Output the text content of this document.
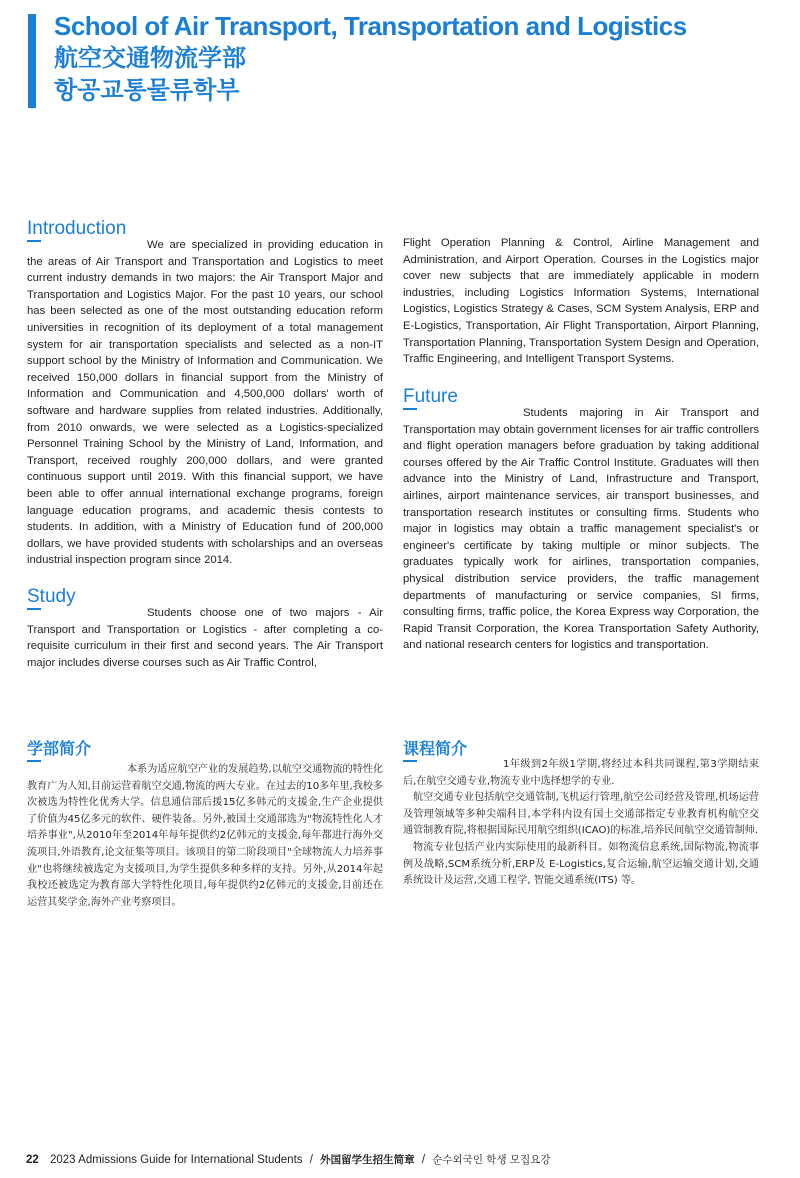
School of Air Transport, Transportation and Logistics

航空交通物流学部

항공교통물류학부

Introduction

We are specialized in providing education in the areas of Air Transport and Transportation and Logistics to meet current industry demands in two majors: the Air Transport Major and Transportation and Logistics Major. For the past 10 years, our school has been selected as one of the most outstanding education reform universities in recognition of its deployment of a total management system for air transportation specialists and selected as a non-IT support school by the Ministry of Information and Communication. We received 150,000 dollars in financial support from the Ministry of Information and Communication and 4,500,000 dollars' worth of software and hardware supplies from related industries. Additionally, from 2010 onwards, we were selected as a Logistics-specialized Personnel Training School by the Ministry of Land, Information, and Transport, received roughly 200,000 dollars, and were granted continuous support until 2019. With this financial support, we have been able to offer annual international exchange programs, foreign language education programs, and academic thesis contests to students. In addition, with a Ministry of Education fund of 200,000 dollars, we have provided students with scholarships and an overseas industrial inspection program since 2014.

Study

Students choose one of two majors - Air Transport and Transportation or Logistics - after completing a co-requisite curriculum in their first and second years. The Air Transport major includes diverse courses such as Air Traffic Control,

Flight Operation Planning & Control, Airline Management and Administration, and Airport Operation. Courses in the Logistics major cover new subjects that are immediately applicable in modern industries, including Logistics Information Systems, International Logistics, Logistics Strategy & Cases, SCM System Analysis, ERP and E-Logistics, Transportation, Air Flight Transportation, Airport Planning, Transportation Planning, Transportation System Design and Operation, Traffic Engineering, and Intelligent Transport Systems.

Future

Students majoring in Air Transport and Transportation may obtain government licenses for air traffic controllers and flight operation managers before graduation by taking additional courses offered by the Air Traffic Control Institute. Graduates will then advance into the Ministry of Land, Infrastructure and Transport, airlines, airport maintenance services, air transport businesses, and transportation research institutes or consulting firms. Students who major in logistics may obtain a traffic management specialist's or engineer's certificate by taking multiple or minor subjects. The graduates typically work for airlines, transportation companies, physical distribution service providers, the traffic management departments of manufacturing or service companies, SI firms, consulting firms, traffic police, the Korea Express way Corporation, the Rapid Transit Corporation, the Korea Transportation Safety Authority, and national research centers for logistics and transportation.

学部简介

本系为适应航空产业的发展趋势,以航空交通物流的特性化教育广为人知,目前运营着航空交通,物流的两大专业。在过去的10多年里,我校多次被选为特性化优秀大学。信息通信部后援15亿多韩元的支援金,生产企业提供了价值为45亿多元的软件、硬件装备。另外,被国土交通部选为"物流特性化人才培养事业",从2010年至2014年每年提供约2亿韩元的支援金,每年都进行海外交流项目,外语教育,论文征集等项目。该项目的第二阶段项目"全球物流人力培养事业"也将继续被选定为支援项目,为学生提供多种多样的支持。另外,从2014年起我校还被选定为教育部大学特性化项目,每年提供约2亿韩元的支援金,目前还在运营其奖学金,海外产业考察项目。

课程简介

1年级到2年级1学期,将经过本科共同课程,第3学期结束后,在航空交通专业,物流专业中选择想学的专业.

航空交通专业包括航空交通管制,飞机运行管理,航空公司经营及管理,机场运营及管理领域等多种尖端科目,本学科内设有国土交通部指定专业教育机构航空交通管制教育院,将根据国际民用航空组织(ICAO)的标准,培养民间航空交通管制师.

物流专业包括产业内实际使用的最新科目。如物流信息系统,国际物流,物流事例及战略,SCM系统分析,ERP及 E-Logistics,复合运输,航空运输交通计划,交通系统设计及运营,交通工程学, 智能交通系统(ITS) 等。

22 2023 Admissions Guide for International Students / 外国留学生招生简章 / 순수외국인 학생 모집요강
